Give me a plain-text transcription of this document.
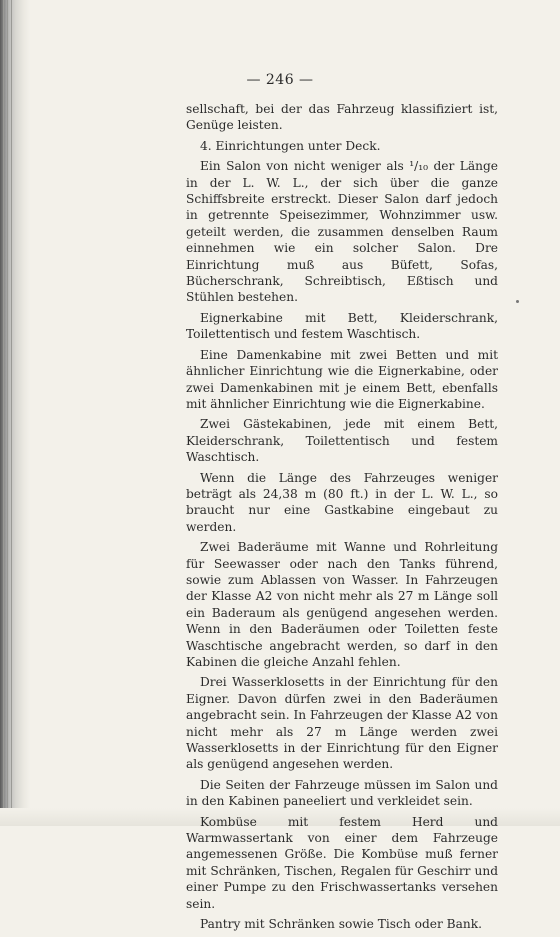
— 246 —

sellschaft, bei der das Fahrzeug klassifiziert ist, Genüge leisten.

4. Einrichtungen unter Deck.

Ein Salon von nicht weniger als ¹/₁₀ der Länge in der L. W. L., der sich über die ganze Schiffsbreite erstreckt. Dieser Salon darf jedoch in getrennte Speisezimmer, Wohnzimmer usw. geteilt werden, die zusammen denselben Raum einnehmen wie ein solcher Salon. Dre Einrichtung muß aus Büfett, Sofas, Bücherschrank, Schreibtisch, Eßtisch und Stühlen bestehen.

Eignerkabine mit Bett, Kleiderschrank, Toilettentisch und festem Waschtisch.

Eine Damenkabine mit zwei Betten und mit ähnlicher Einrichtung wie die Eignerkabine, oder zwei Damenkabinen mit je einem Bett, ebenfalls mit ähnlicher Einrichtung wie die Eignerkabine.

Zwei Gästekabinen, jede mit einem Bett, Kleiderschrank, Toilettentisch und festem Waschtisch.

Wenn die Länge des Fahrzeuges weniger beträgt als 24,38 m (80 ft.) in der L. W. L., so braucht nur eine Gastkabine eingebaut zu werden.

Zwei Baderäume mit Wanne und Rohrleitung für Seewasser oder nach den Tanks führend, sowie zum Ablassen von Wasser. In Fahrzeugen der Klasse A2 von nicht mehr als 27 m Länge soll ein Baderaum als genügend angesehen werden. Wenn in den Baderäumen oder Toiletten feste Waschtische angebracht werden, so darf in den Kabinen die gleiche Anzahl fehlen.

Drei Wasserklosetts in der Einrichtung für den Eigner. Davon dürfen zwei in den Baderäumen angebracht sein. In Fahrzeugen der Klasse A2 von nicht mehr als 27 m Länge werden zwei Wasserklosetts in der Einrichtung für den Eigner als genügend angesehen werden.

Die Seiten der Fahrzeuge müssen im Salon und in den Kabinen paneeliert und verkleidet sein.

Kombüse mit festem Herd und Warmwassertank von einer dem Fahrzeuge angemessenen Größe. Die Kombüse muß ferner mit Schränken, Tischen, Regalen für Geschirr und einer Pumpe zu den Frischwassertanks versehen sein.

Pantry mit Schränken sowie Tisch oder Bank.
